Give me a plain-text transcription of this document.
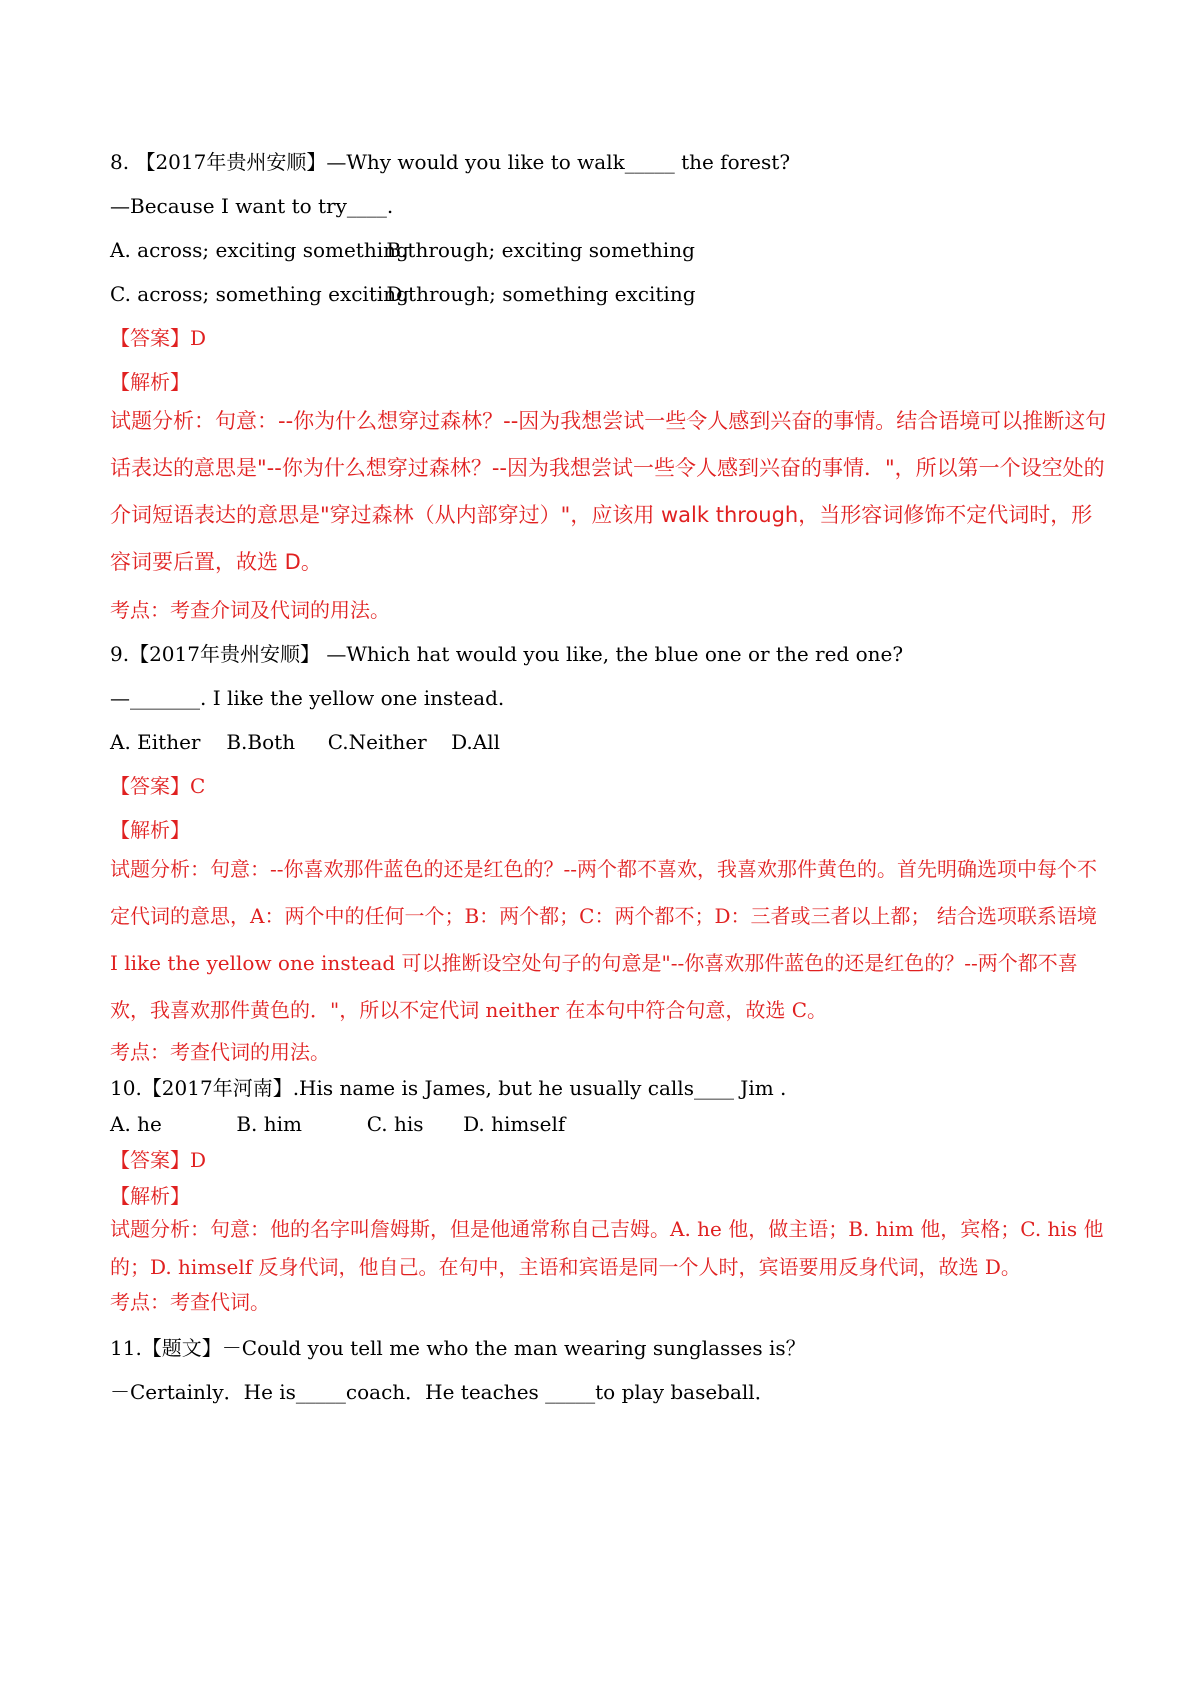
8. 【2017年贵州安顺】—Why would you like to walk_____ the forest?
—Because I want to try____.
A. across; exciting something B.through; exciting something
C. across; something exciting D.through; something exciting
【答案】D
【解析】
试题分析：句意：--你为什么想穿过森林？--因为我想尝试一些令人感到兴奋的事情。结合语境可以推断这句话表达的意思是"--你为什么想穿过森林？--因为我想尝试一些令人感到兴奋的事情．"，所以第一个设空处的介词短语表达的意思是"穿过森林（从内部穿过）"，应该用 walk through，当形容词修饰不定代词时，形容词要后置，故选 D。
考点：考查介词及代词的用法。
9.【2017年贵州安顺】 —Which hat would you like, the blue one or the red one?
—_______. I like the yellow one instead.
A. Either B.Both C.Neither D.All
【答案】C
【解析】
试题分析：句意：--你喜欢那件蓝色的还是红色的？--两个都不喜欢，我喜欢那件黄色的。首先明确选项中每个不定代词的意思，A：两个中的任何一个；B：两个都；C：两个都不；D：三者或三者以上都； 结合选项联系语境 I like the yellow one instead 可以推断设空处句子的句意是"--你喜欢那件蓝色的还是红色的？--两个都不喜欢，我喜欢那件黄色的．"，所以不定代词 neither 在本句中符合句意，故选 C。
考点：考查代词的用法。
10.【2017年河南】.His name is James, but he usually calls____ Jim .
A. he	B. him	C. his D. himself
【答案】D
【解析】
试题分析：句意：他的名字叫詹姆斯，但是他通常称自己吉姆。A. he 他，做主语；B. him 他，宾格；C. his 他的；D. himself 反身代词，他自己。在句中，主语和宾语是同一个人时，宾语要用反身代词，故选 D。
考点：考查代词。
11.【题文】－Could you tell me who the man wearing sunglasses is？
－Certainly．He is_____coach．He teaches _____to play baseball．
